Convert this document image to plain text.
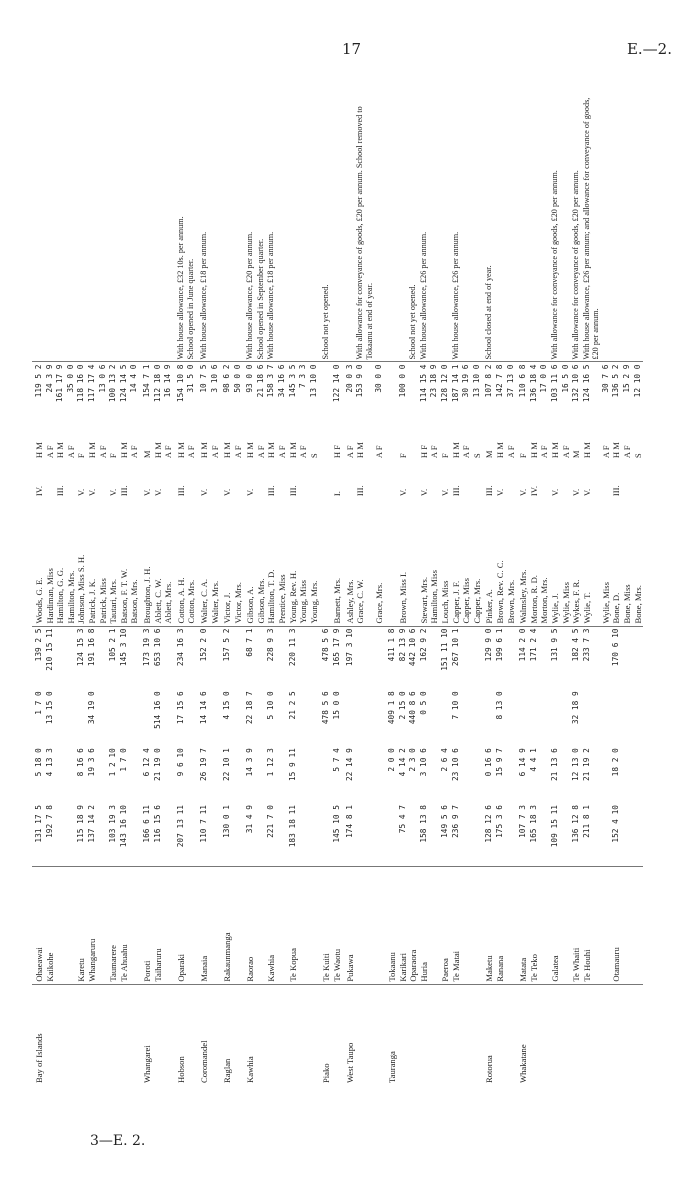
17	E.—2.
Bay of Islands	Ohaeawai	131 17 5	5 18 0	1 7 0	139 2 5	Woods, G. E.	IV.	H M	119 5 2	
	Kaikohe	192 7 8	4 13 3	13 15 0	210 15 11	Hardiman, Miss		A F	24 3 9	
						Hamilton, G. G.	III.	H M	161 17 9	
						Hamilton, Mrs.		A F	35 0 0	
	Karetu	115 18 9	8 16 6		124 15 3	Johnson, Miss S. H.	V.	F	118 16 0	
	Whangaruru	137 14 2	19 3 6	34 19 0	191 16 8	Patrick, J. K.	V.	H M	117 17 4	
						Patrick, Miss		A F	13 0 6	
	Taumarere	103 19 3	1 2 10		105 2 1	Tautari, Mrs.	V.	F	100 13 2	
	Te Ahuahu	143 16 10	1 7 0		145 3 10	Batson, F. T. W.	III.	H M	124 14 5	
						Batson, Mrs.		A F	14 4 0	
Whangarei	Poroti	166 6 11	6 12 4		173 19 3	Broughton, J. H.	V.	M	154 7 1	
	Taiharuru	116 15 6	21 19 0	514 16 0	653 10 6	Ablett, C. W.	V.	H M	112 18 0	
						Ablett, Mrs.		A F	16 14 9	
Hobson	Oparaki	207 13 11	9 6 10	17 15 6	234 16 3	Cotton, A. H.	III.	H M	154 10 8	With house allowance, £32 10s. per annum.
						Cotton, Mrs.		A F	31 5 0	School opened in June quarter.
Coromandel	Manaia	110 7 11	26 19 7	14 14 6	152 2 0	Walter, C. A.	V.	H M	10 7 5	With house allowance, £18 per annum.
						Walter, Mrs.		A F	3 10 6	
Raglan	Rakaunmanga	130 0 1	22 10 1	4 15 0	157 5 2	Victor, J.	V.	H M	98 6 2	
						Victor, Mrs.		A F	50 0 0	
Kawhia	Raorao	31 4 9	14 3 9	22 18 7	68 7 1	Gibson, A.	V.	H M	93 0 0	With house allowance, £20 per annum.
						Gibson, Mrs.		A F	21 18 6	School opened in September quarter.
	Kawhia	221 7 0	1 12 3	5 10 0	228 9 3	Hamilton, T. D.	III.	H M	158 3 7	With house allowance, £18 per annum.
						Prentice, Miss		A F	34 16 6	
	Te Kopua	183 18 11	15 9 11	21 2 5	220 11 3	Young, Rev. H.	III.	H M	145 3 5	
						Young, Miss		A F	7 3 3	
						Young, Mrs.		S	13 10 0	
Piako	Te Kuiti			478 5 6	478 5 6					School not yet opened.
	Te Waotu	145 10 5	5 7 4	15 0 0	165 17 9	Barnett, Mrs.	I.	H F	122 14 0	
West Taupo	Pukawa	174 8 1	22 14 9		197 3 10	Ashley, Mrs.		A F	20 0 3	
						Grace, C. W.	III.	H M	153 9 0	With allowance for conveyance of goods, £20 per annum. School removed to Tokaanu at end of year.
						Grace, Mrs.		A F	30 0 0	
Tauranga	Tokaanu		2 0 0	409 1 8	411 1 8					
	Karikari	75 4 7	4 14 2	2 15 0	82 13 9	Brown, Miss I.	V.	F	100 0 0	
	Oparaora		2 3 0	440 8 6	442 10 6					School not yet opened.
	Huria	158 13 8	3 10 6	0 5 0	162 9 2	Stewart, Mrs.	V.	H F	114 15 4	With house allowance, £26 per annum.
						Hamilton, Miss		A F	23 18 9	
	Paeroa	149 5 6	2 6 4		151 11 10	Louch, Miss	V.	F	128 12 0	
	Te Matai	236 9 7	23 10 6	7 10 0	267 10 1	Capper, J. F.	III.	H M	187 14 1	With house allowance, £26 per annum.
						Capper, Miss		A F	30 19 6	
						Capper, Mrs.		S	13 10 0	
Rotorua	Maketu	128 12 6	0 16 6		129 9 0	Pinker, A.	III.	M	107 8 2	School closed at end of year.
	Ranana	175 3 6	15 9 7	8 13 0	199 6 1	Brown, Rev. C. C.	V.	H M	142 7 8	
						Brown, Mrs.		A F	37 13 0	
Whakatane	Matata	107 7 3	6 14 9		114 2 0	Walmsley, Mrs.	V.	F	110 6 8	
	Te Teko	165 18 3	4 4 1		171 2 4	Morton, R. D.	IV.	H M	136 18 4	
						Morton, Mrs.		A F	17 0 0	
	Galatea	109 15 11	21 13 6		131 9 5	Wylie, J.	V.	H M	103 11 6	With allowance for conveyance of goods, £20 per annum.
						Wylie, Miss		A F	16 5 0	
	Te Whaiti	136 12 8	12 13 0	32 18 9	182 4 5	Wykes, F. R.	V.	M	132 10 6	With allowance for conveyance of goods, £20 per annum.
	Te Houhi	211 8 1	21 19 2		233 7 3	Wylie, T.	V.	H M	124 16 5	With house allowance, £26 per annum; and allowance for conveyance of goods, £20 per annum.
						Wylie, Miss		A F	30 7 6	
	Otamauru	152 4 10	18 2 0		170 6 10	Bone, D.	III.	H M	136 5 2	
						Bone, Miss		A F	15 2 9	
						Bone, Mrs.		S	12 10 0	
3—E. 2.
